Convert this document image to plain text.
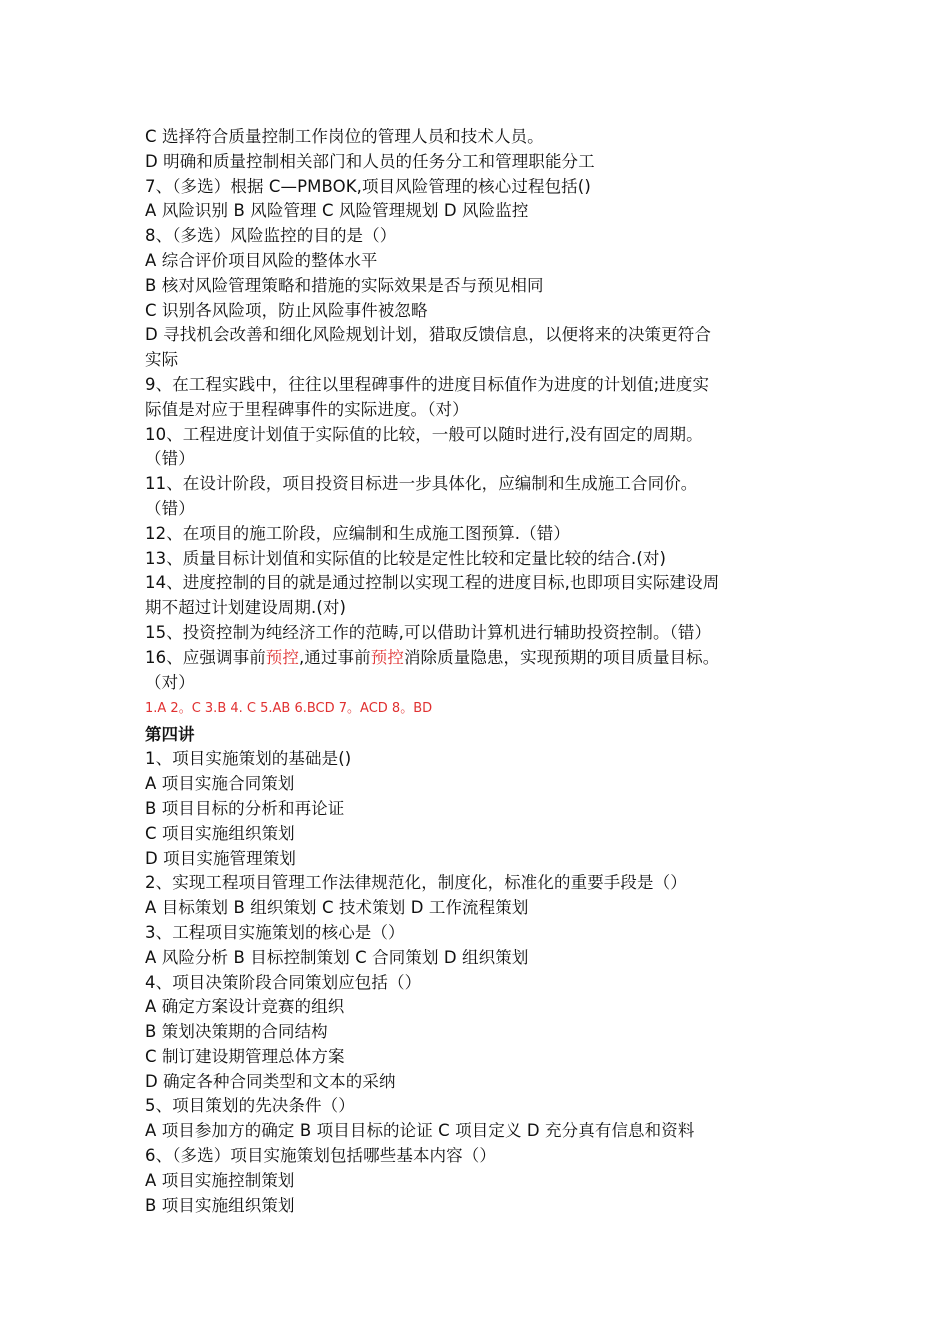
C 选择符合质量控制工作岗位的管理人员和技术人员。
D 明确和质量控制相关部门和人员的任务分工和管理职能分工
7、（多选）根据 C—PMBOK,项目风险管理的核心过程包括()
A 风险识别 B 风险管理 C 风险管理规划 D 风险监控
8、（多选）风险监控的目的是（）
A 综合评价项目风险的整体水平
B 核对风险管理策略和措施的实际效果是否与预见相同
C 识别各风险项，防止风险事件被忽略
D 寻找机会改善和细化风险规划计划，猎取反馈信息，以便将来的决策更符合
实际
9、在工程实践中，往往以里程碑事件的进度目标值作为进度的计划值;进度实
际值是对应于里程碑事件的实际进度。（对）
10、工程进度计划值于实际值的比较，一般可以随时进行,没有固定的周期。
（错）
11、在设计阶段，项目投资目标进一步具体化，应编制和生成施工合同价。
（错）
12、在项目的施工阶段，应编制和生成施工图预算.（错）
13、质量目标计划值和实际值的比较是定性比较和定量比较的结合.(对)
14、进度控制的目的就是通过控制以实现工程的进度目标,也即项目实际建设周
期不超过计划建设周期.(对)
15、投资控制为纯经济工作的范畴,可以借助计算机进行辅助投资控制。（错）
16、应强调事前预控,通过事前预控消除质量隐患，实现预期的项目质量目标。
（对）
1.A 2。C 3.B 4. C 5.AB 6.BCD 7。ACD 8。BD
第四讲
1、项目实施策划的基础是()
A 项目实施合同策划
B 项目目标的分析和再论证
C 项目实施组织策划
D 项目实施管理策划
2、实现工程项目管理工作法律规范化，制度化，标准化的重要手段是（）
A 目标策划 B 组织策划 C 技术策划 D 工作流程策划
3、工程项目实施策划的核心是（）
A 风险分析 B 目标控制策划 C 合同策划 D 组织策划
4、项目决策阶段合同策划应包括（）
A 确定方案设计竞赛的组织
B 策划决策期的合同结构
C 制订建设期管理总体方案
D 确定各种合同类型和文本的采纳
5、项目策划的先决条件（）
A 项目参加方的确定 B 项目目标的论证 C 项目定义 D 充分真有信息和资料
6、（多选）项目实施策划包括哪些基本内容（）
A 项目实施控制策划
B 项目实施组织策划
